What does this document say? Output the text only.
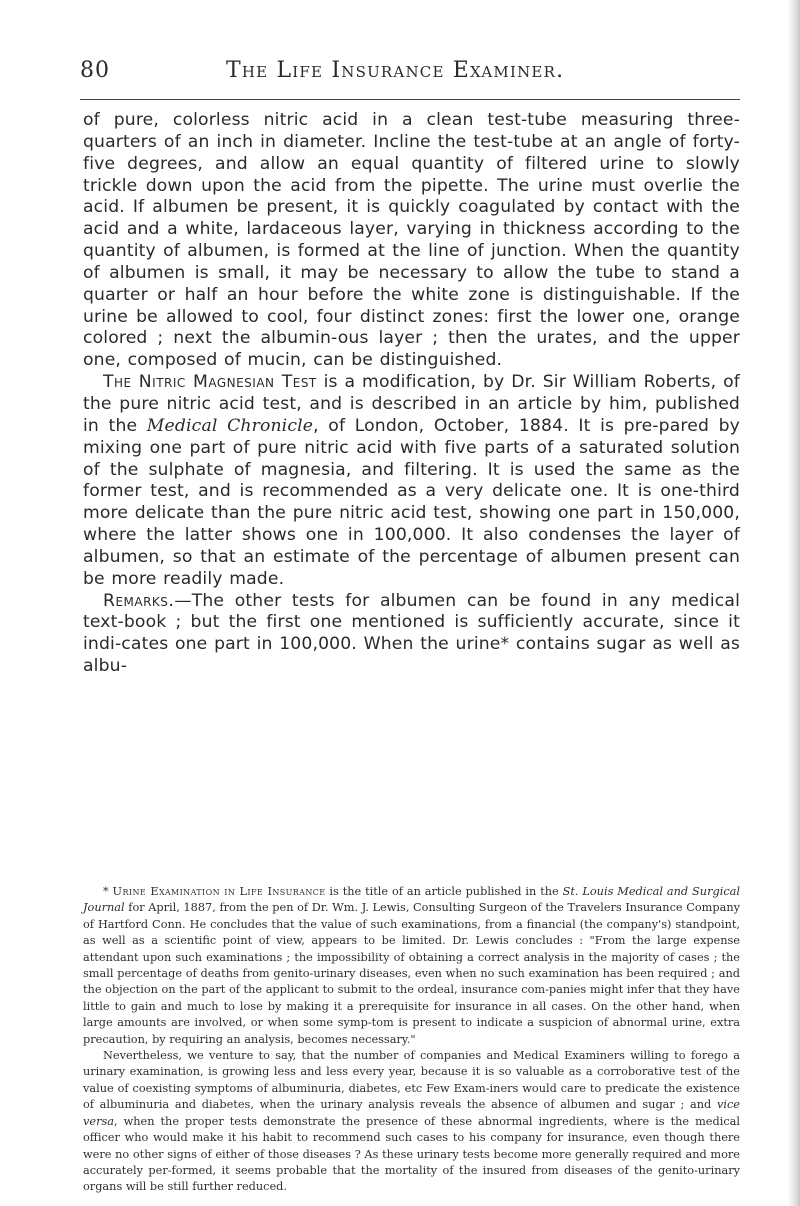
80	The Life Insurance Examiner.

of pure, colorless nitric acid in a clean test-tube measuring three-quarters of an inch in diameter. Incline the test-tube at an angle of forty-five degrees, and allow an equal quantity of filtered urine to slowly trickle down upon the acid from the pipette. The urine must overlie the acid. If albumen be present, it is quickly coagulated by contact with the acid and a white, lardaceous layer, varying in thickness according to the quantity of albumen, is formed at the line of junction. When the quantity of albumen is small, it may be necessary to allow the tube to stand a quarter or half an hour before the white zone is distinguishable. If the urine be allowed to cool, four distinct zones: first the lower one, orange colored ; next the albumin-ous layer ; then the urates, and the upper one, composed of mucin, can be distinguished.

The Nitric Magnesian Test is a modification, by Dr. Sir William Roberts, of the pure nitric acid test, and is described in an article by him, published in the Medical Chronicle, of London, October, 1884. It is pre-pared by mixing one part of pure nitric acid with five parts of a saturated solution of the sulphate of magnesia, and filtering. It is used the same as the former test, and is recommended as a very delicate one. It is one-third more delicate than the pure nitric acid test, showing one part in 150,000, where the latter shows one in 100,000. It also condenses the layer of albumen, so that an estimate of the percentage of albumen present can be more readily made.

Remarks.—The other tests for albumen can be found in any medical text-book ; but the first one mentioned is sufficiently accurate, since it indi-cates one part in 100,000. When the urine* contains sugar as well as albu-

* Urine Examination in Life Insurance is the title of an article published in the St. Louis Medical and Surgical Journal for April, 1887, from the pen of Dr. Wm. J. Lewis, Consulting Surgeon of the Travelers Insurance Company of Hartford Conn. He concludes that the value of such examinations, from a financial (the company's) standpoint, as well as a scientific point of view, appears to be limited. Dr. Lewis concludes : "From the large expense attendant upon such examinations ; the impossibility of obtaining a correct analysis in the majority of cases ; the small percentage of deaths from genito-urinary diseases, even when no such examination has been required ; and the objection on the part of the applicant to submit to the ordeal, insurance com-panies might infer that they have little to gain and much to lose by making it a prerequisite for insurance in all cases. On the other hand, when large amounts are involved, or when some symp-tom is present to indicate a suspicion of abnormal urine, extra precaution, by requiring an analysis, becomes necessary."

Nevertheless, we venture to say, that the number of companies and Medical Examiners willing to forego a urinary examination, is growing less and less every year, because it is so valuable as a corroborative test of the value of coexisting symptoms of albuminuria, diabetes, etc Few Exam-iners would care to predicate the existence of albuminuria and diabetes, when the urinary analysis reveals the absence of albumen and sugar ; and vice versa, when the proper tests demonstrate the presence of these abnormal ingredients, where is the medical officer who would make it his habit to recommend such cases to his company for insurance, even though there were no other signs of either of those diseases ? As these urinary tests become more generally required and more accurately per-formed, it seems probable that the mortality of the insured from diseases of the genito-urinary organs will be still further reduced.
